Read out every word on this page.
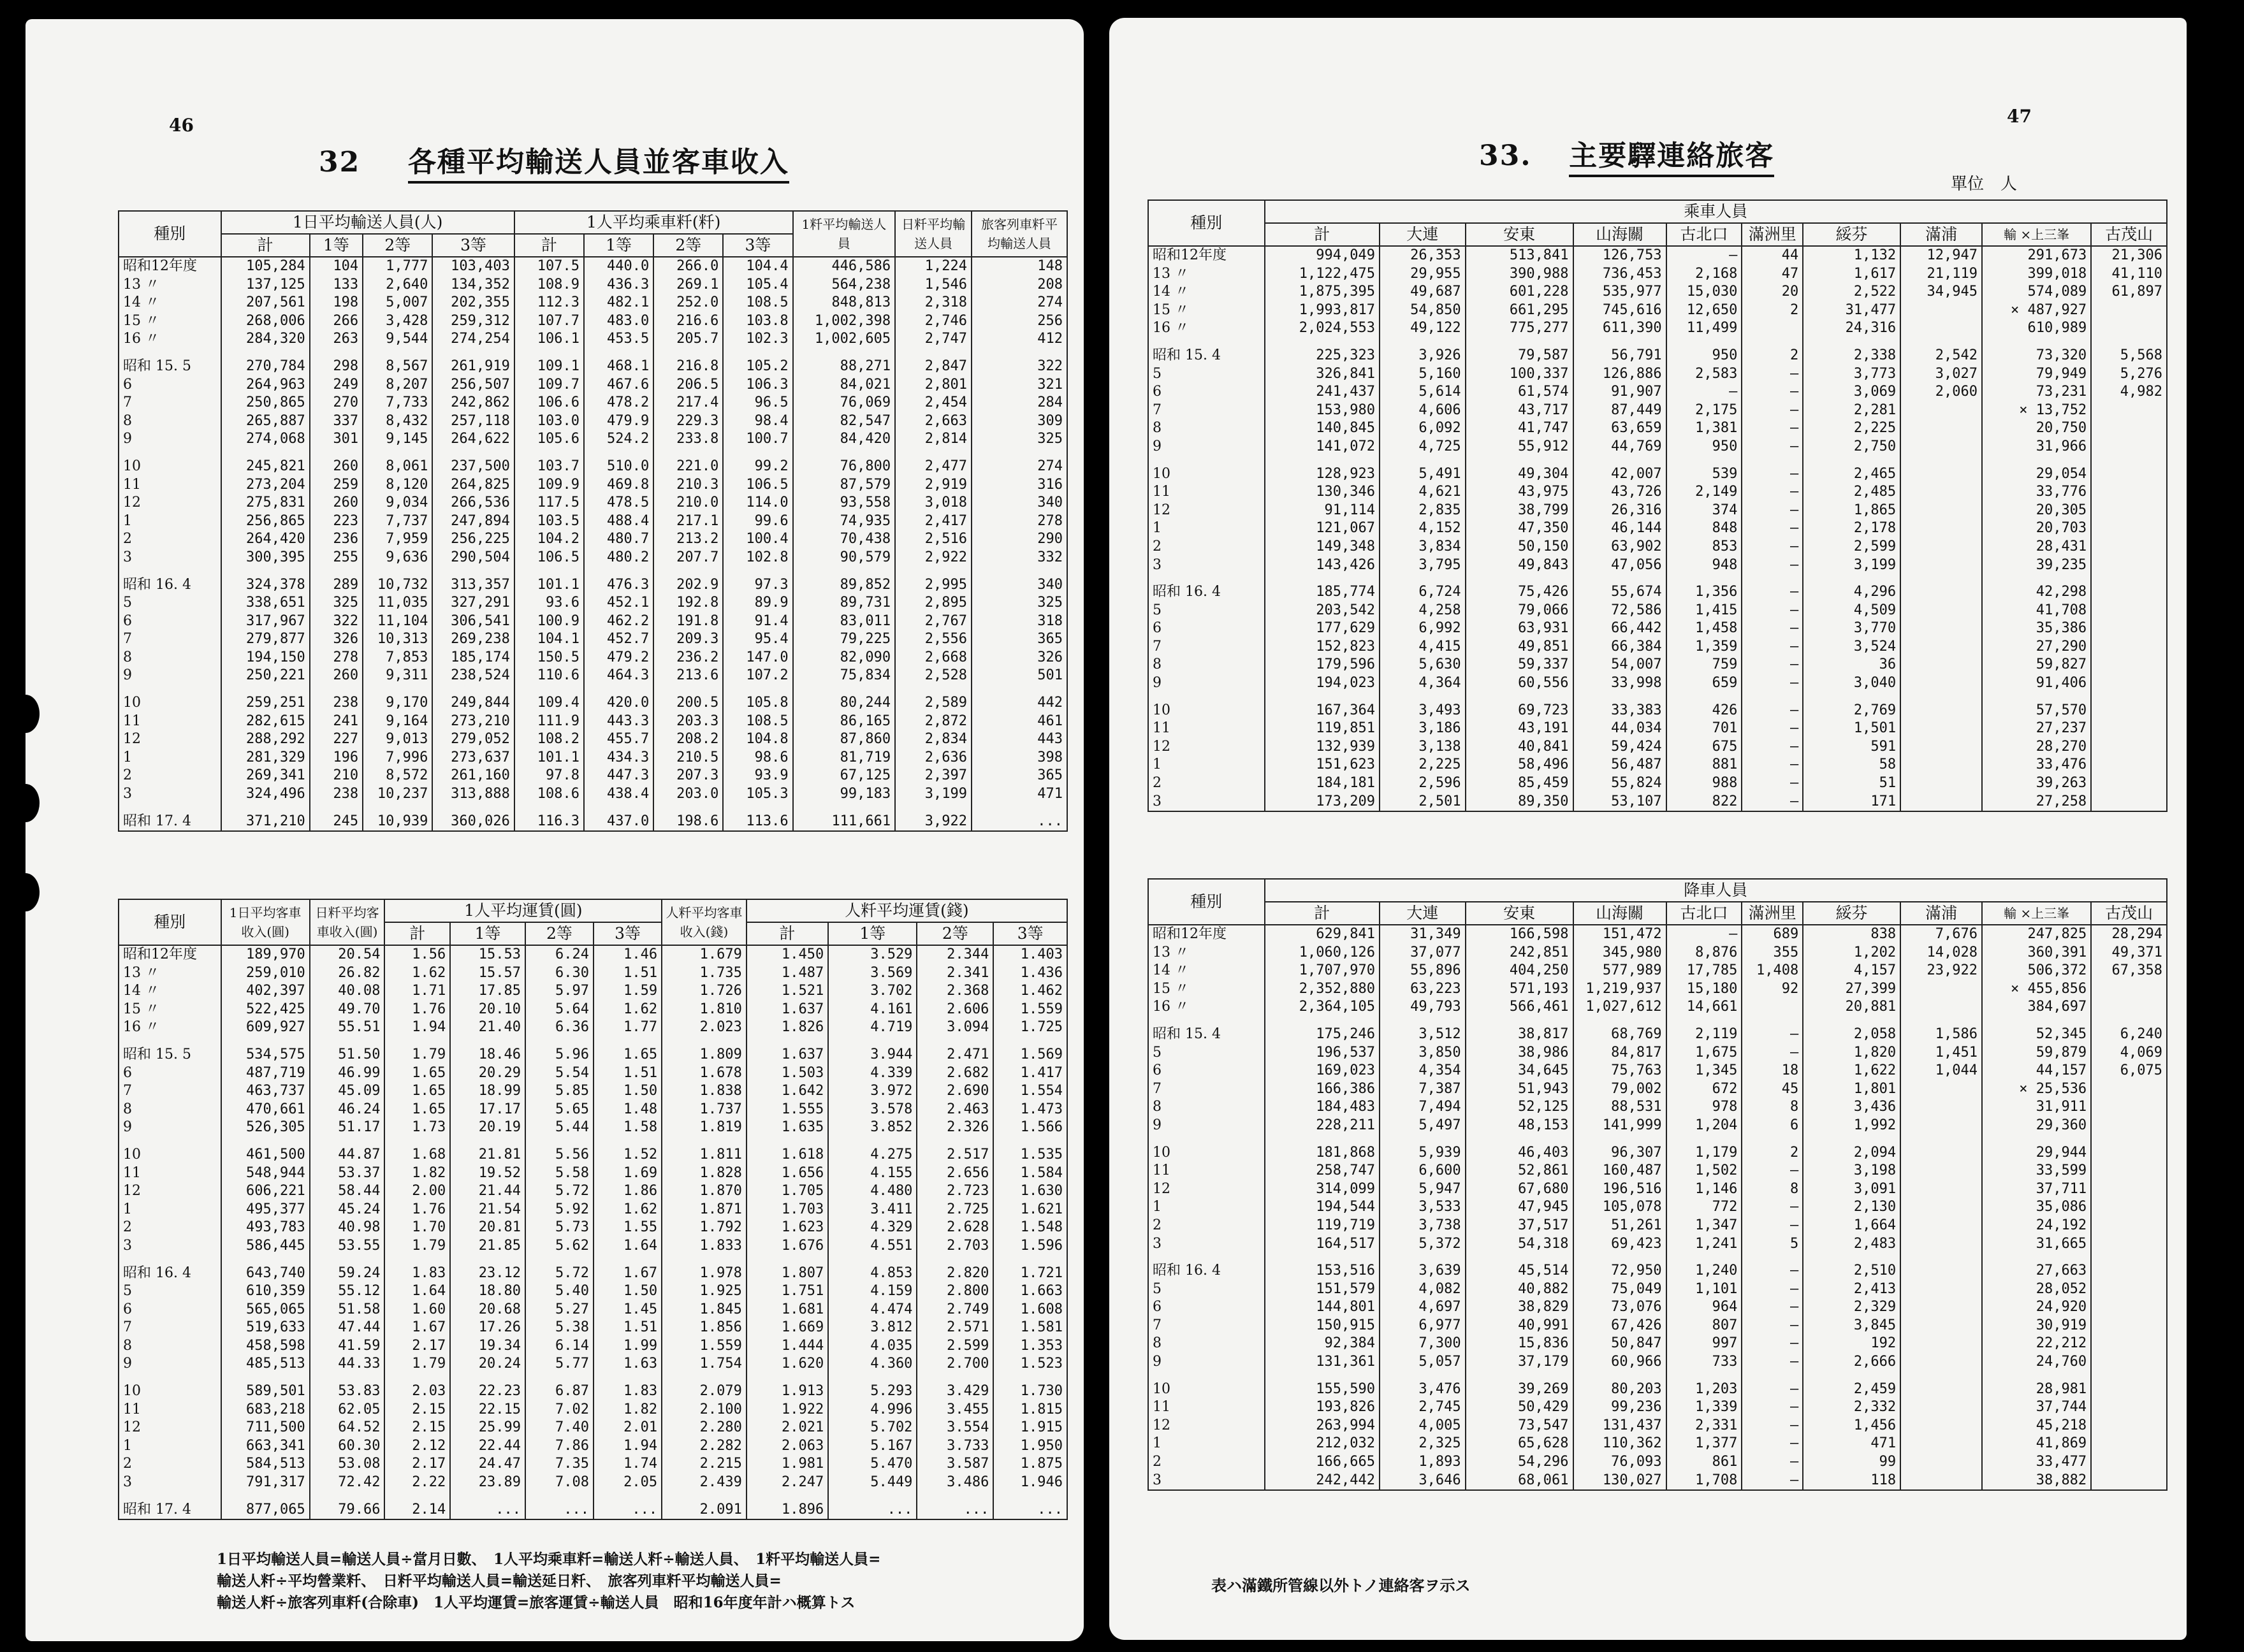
46
32 各種平均輸送人員並客車收入
種別	1日平均輸送人員(人)				1人平均乘車粁(粁)				1粁平均輸送人員	日粁平均輸送人員	旅客列車粁平均輸送人員
	計	1等	2等	3等	計	1等	2等	3等			
昭和12年度	105,284	104	1,777	103,403	107.5	440.0	266.0	104.4	446,586	1,224	148
13 〃	137,125	133	2,640	134,352	108.9	436.3	269.1	105.4	564,238	1,546	208
14 〃	207,561	198	5,007	202,355	112.3	482.1	252.0	108.5	848,813	2,318	274
15 〃	268,006	266	3,428	259,312	107.7	483.0	216.6	103.8	1,002,398	2,746	256
16 〃	284,320	263	9,544	274,254	106.1	453.5	205.7	102.3	1,002,605	2,747	412

昭和 15. 5	270,784	298	8,567	261,919	109.1	468.1	216.8	105.2	88,271	2,847	322
6	264,963	249	8,207	256,507	109.7	467.6	206.5	106.3	84,021	2,801	321
7	250,865	270	7,733	242,862	106.6	478.2	217.4	96.5	76,069	2,454	284
8	265,887	337	8,432	257,118	103.0	479.9	229.3	98.4	82,547	2,663	309
9	274,068	301	9,145	264,622	105.6	524.2	233.8	100.7	84,420	2,814	325

10	245,821	260	8,061	237,500	103.7	510.0	221.0	99.2	76,800	2,477	274
11	273,204	259	8,120	264,825	109.9	469.8	210.3	106.5	87,579	2,919	316
12	275,831	260	9,034	266,536	117.5	478.5	210.0	114.0	93,558	3,018	340
1	256,865	223	7,737	247,894	103.5	488.4	217.1	99.6	74,935	2,417	278
2	264,420	236	7,959	256,225	104.2	480.7	213.2	100.4	70,438	2,516	290
3	300,395	255	9,636	290,504	106.5	480.2	207.7	102.8	90,579	2,922	332

昭和 16. 4	324,378	289	10,732	313,357	101.1	476.3	202.9	97.3	89,852	2,995	340
5	338,651	325	11,035	327,291	93.6	452.1	192.8	89.9	89,731	2,895	325
6	317,967	322	11,104	306,541	100.9	462.2	191.8	91.4	83,011	2,767	318
7	279,877	326	10,313	269,238	104.1	452.7	209.3	95.4	79,225	2,556	365
8	194,150	278	7,853	185,174	150.5	479.2	236.2	147.0	82,090	2,668	326
9	250,221	260	9,311	238,524	110.6	464.3	213.6	107.2	75,834	2,528	501

10	259,251	238	9,170	249,844	109.4	420.0	200.5	105.8	80,244	2,589	442
11	282,615	241	9,164	273,210	111.9	443.3	203.3	108.5	86,165	2,872	461
12	288,292	227	9,013	279,052	108.2	455.7	208.2	104.8	87,860	2,834	443
1	281,329	196	7,996	273,637	101.1	434.3	210.5	98.6	81,719	2,636	398
2	269,341	210	8,572	261,160	97.8	447.3	207.3	93.9	67,125	2,397	365
3	324,496	238	10,237	313,888	108.6	438.4	203.0	105.3	99,183	3,199	471

昭和 17. 4	371,210	245	10,939	360,026	116.3	437.0	198.6	113.6	111,661	3,922	...
種別	1日平均客車收入(圓)	日粁平均客車收入(圓)	1人平均運賃(圓)				人粁平均客車收入(錢)	人粁平均運賃(錢)			
			計	1等	2等	3等		計	1等	2等	3等
昭和12年度	189,970	20.54	1.56	15.53	6.24	1.46	1.679	1.450	3.529	2.344	1.403
13 〃	259,010	26.82	1.62	15.57	6.30	1.51	1.735	1.487	3.569	2.341	1.436
14 〃	402,397	40.08	1.71	17.85	5.97	1.59	1.726	1.521	3.702	2.368	1.462
15 〃	522,425	49.70	1.76	20.10	5.64	1.62	1.810	1.637	4.161	2.606	1.559
16 〃	609,927	55.51	1.94	21.40	6.36	1.77	2.023	1.826	4.719	3.094	1.725

昭和 15. 5	534,575	51.50	1.79	18.46	5.96	1.65	1.809	1.637	3.944	2.471	1.569
6	487,719	46.99	1.65	20.29	5.54	1.51	1.678	1.503	4.339	2.682	1.417
7	463,737	45.09	1.65	18.99	5.85	1.50	1.838	1.642	3.972	2.690	1.554
8	470,661	46.24	1.65	17.17	5.65	1.48	1.737	1.555	3.578	2.463	1.473
9	526,305	51.17	1.73	20.19	5.44	1.58	1.819	1.635	3.852	2.326	1.566

10	461,500	44.87	1.68	21.81	5.56	1.52	1.811	1.618	4.275	2.517	1.535
11	548,944	53.37	1.82	19.52	5.58	1.69	1.828	1.656	4.155	2.656	1.584
12	606,221	58.44	2.00	21.44	5.72	1.86	1.870	1.705	4.480	2.723	1.630
1	495,377	45.24	1.76	21.54	5.92	1.62	1.871	1.703	3.411	2.725	1.621
2	493,783	40.98	1.70	20.81	5.73	1.55	1.792	1.623	4.329	2.628	1.548
3	586,445	53.55	1.79	21.85	5.62	1.64	1.833	1.676	4.551	2.703	1.596

昭和 16. 4	643,740	59.24	1.83	23.12	5.72	1.67	1.978	1.807	4.853	2.820	1.721
5	610,359	55.12	1.64	18.80	5.40	1.50	1.925	1.751	4.159	2.800	1.663
6	565,065	51.58	1.60	20.68	5.27	1.45	1.845	1.681	4.474	2.749	1.608
7	519,633	47.44	1.67	17.26	5.38	1.51	1.856	1.669	3.812	2.571	1.581
8	458,598	41.59	2.17	19.34	6.14	1.99	1.559	1.444	4.035	2.599	1.353
9	485,513	44.33	1.79	20.24	5.77	1.63	1.754	1.620	4.360	2.700	1.523

10	589,501	53.83	2.03	22.23	6.87	1.83	2.079	1.913	5.293	3.429	1.730
11	683,218	62.05	2.15	22.15	7.02	1.82	2.100	1.922	4.996	3.455	1.815
12	711,500	64.52	2.15	25.99	7.40	2.01	2.280	2.021	5.702	3.554	1.915
1	663,341	60.30	2.12	22.44	7.86	1.94	2.282	2.063	5.167	3.733	1.950
2	584,513	53.08	2.17	24.47	7.35	1.74	2.215	1.981	5.470	3.587	1.875
3	791,317	72.42	2.22	23.89	7.08	2.05	2.439	2.247	5.449	3.486	1.946

昭和 17. 4	877,065	79.66	2.14	...	...	...	2.091	1.896	...	...	...
1日平均輸送人員=輸送人員÷當月日數、　1人平均乘車粁=輸送人粁÷輸送人員、　1粁平均輸送人員=
輸送人粁÷平均營業粁、　日粁平均輸送人員=輸送延日粁、　旅客列車粁平均輸送人員=
輸送人粁÷旅客列車粁(合除車)　1人平均運賃=旅客運賃÷輸送人員　昭和16年度年計ハ概算トス
47
33. 主要驛連絡旅客
單位　人
種別	乘車人員									
	計	大連	安東	山海關	古北口	滿洲里	綏芬	滿浦	輸 ×上三峯	古茂山
昭和12年度	994,049	26,353	513,841	126,753	—	44	1,132	12,947	291,673	21,306
13 〃	1,122,475	29,955	390,988	736,453	2,168	47	1,617	21,119	399,018	41,110
14 〃	1,875,395	49,687	601,228	535,977	15,030	20	2,522	34,945	574,089	61,897
15 〃	1,993,817	54,850	661,295	745,616	12,650	2	31,477		× 487,927	
16 〃	2,024,553	49,122	775,277	611,390	11,499		24,316		610,989	

昭和 15. 4	225,323	3,926	79,587	56,791	950	2	2,338	2,542	73,320	5,568
5	326,841	5,160	100,337	126,886	2,583	—	3,773	3,027	79,949	5,276
6	241,437	5,614	61,574	91,907	—	—	3,069	2,060	73,231	4,982
7	153,980	4,606	43,717	87,449	2,175	—	2,281		× 13,752	
8	140,845	6,092	41,747	63,659	1,381	—	2,225		20,750	
9	141,072	4,725	55,912	44,769	950	—	2,750		31,966	

10	128,923	5,491	49,304	42,007	539	—	2,465		29,054	
11	130,346	4,621	43,975	43,726	2,149	—	2,485		33,776	
12	91,114	2,835	38,799	26,316	374	—	1,865		20,305	
1	121,067	4,152	47,350	46,144	848	—	2,178		20,703	
2	149,348	3,834	50,150	63,902	853	—	2,599		28,431	
3	143,426	3,795	49,843	47,056	948	—	3,199		39,235	

昭和 16. 4	185,774	6,724	75,426	55,674	1,356	—	4,296		42,298	
5	203,542	4,258	79,066	72,586	1,415	—	4,509		41,708	
6	177,629	6,992	63,931	66,442	1,458	—	3,770		35,386	
7	152,823	4,415	49,851	66,384	1,359	—	3,524		27,290	
8	179,596	5,630	59,337	54,007	759	—	36		59,827	
9	194,023	4,364	60,556	33,998	659	—	3,040		91,406	

10	167,364	3,493	69,723	33,383	426	—	2,769		57,570	
11	119,851	3,186	43,191	44,034	701	—	1,501		27,237	
12	132,939	3,138	40,841	59,424	675	—	591		28,270	
1	151,623	2,225	58,496	56,487	881	—	58		33,476	
2	184,181	2,596	85,459	55,824	988	—	51		39,263	
3	173,209	2,501	89,350	53,107	822	—	171		27,258	
種別	降車人員									
	計	大連	安東	山海關	古北口	滿洲里	綏芬	滿浦	輸 ×上三峯	古茂山
昭和12年度	629,841	31,349	166,598	151,472	—	689	838	7,676	247,825	28,294
13 〃	1,060,126	37,077	242,851	345,980	8,876	355	1,202	14,028	360,391	49,371
14 〃	1,707,970	55,896	404,250	577,989	17,785	1,408	4,157	23,922	506,372	67,358
15 〃	2,352,880	63,223	571,193	1,219,937	15,180	92	27,399		× 455,856	
16 〃	2,364,105	49,793	566,461	1,027,612	14,661		20,881		384,697	

昭和 15. 4	175,246	3,512	38,817	68,769	2,119	—	2,058	1,586	52,345	6,240
5	196,537	3,850	38,986	84,817	1,675	—	1,820	1,451	59,879	4,069
6	169,023	4,354	34,645	75,763	1,345	18	1,622	1,044	44,157	6,075
7	166,386	7,387	51,943	79,002	672	45	1,801		× 25,536	
8	184,483	7,494	52,125	88,531	978	8	3,436		31,911	
9	228,211	5,497	48,153	141,999	1,204	6	1,992		29,360	

10	181,868	5,939	46,403	96,307	1,179	2	2,094		29,944	
11	258,747	6,600	52,861	160,487	1,502	—	3,198		33,599	
12	314,099	5,947	67,680	196,516	1,146	8	3,091		37,711	
1	194,544	3,533	47,945	105,078	772	—	2,130		35,086	
2	119,719	3,738	37,517	51,261	1,347	—	1,664		24,192	
3	164,517	5,372	54,318	69,423	1,241	5	2,483		31,665	

昭和 16. 4	153,516	3,639	45,514	72,950	1,240	—	2,510		27,663	
5	151,579	4,082	40,882	75,049	1,101	—	2,413		28,052	
6	144,801	4,697	38,829	73,076	964	—	2,329		24,920	
7	150,915	6,977	40,991	67,426	807	—	3,845		30,919	
8	92,384	7,300	15,836	50,847	997	—	192		22,212	
9	131,361	5,057	37,179	60,966	733	—	2,666		24,760	

10	155,590	3,476	39,269	80,203	1,203	—	2,459		28,981	
11	193,826	2,745	50,429	99,236	1,339	—	2,332		37,744	
12	263,994	4,005	73,547	131,437	2,331	—	1,456		45,218	
1	212,032	2,325	65,628	110,362	1,377	—	471		41,869	
2	166,665	1,893	54,296	76,093	861	—	99		33,477	
3	242,442	3,646	68,061	130,027	1,708	—	118		38,882	
表ハ滿鐵所管線以外トノ連絡客ヲ示ス
